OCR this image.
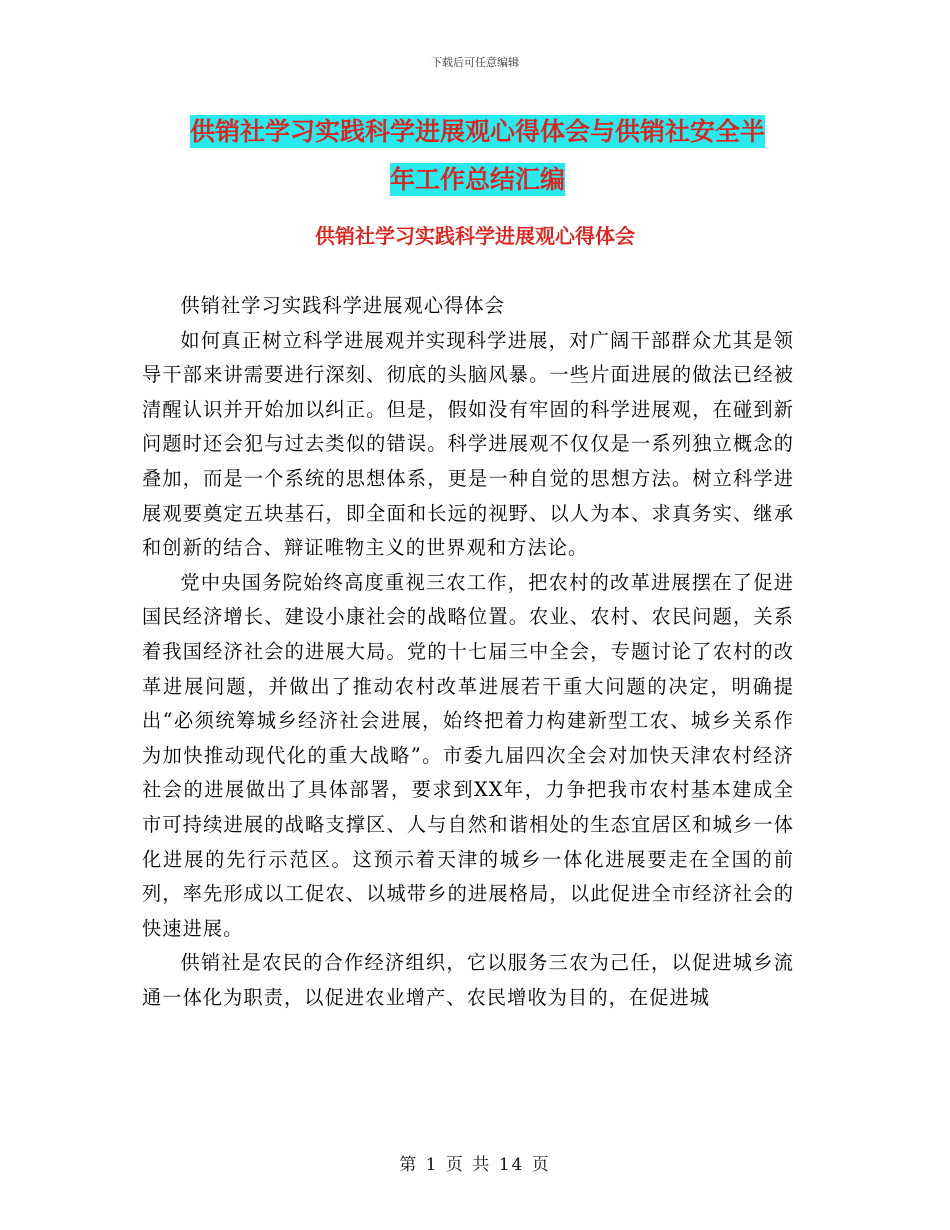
下载后可任意编辑
供销社学习实践科学进展观心得体会与供销社安全半
年工作总结汇编
供销社学习实践科学进展观心得体会

供销社学习实践科学进展观心得体会

如何真正树立科学进展观并实现科学进展，对广阔干部群众尤其是领导干部来讲需要进行深刻、彻底的头脑风暴。一些片面进展的做法已经被清醒认识并开始加以纠正。但是，假如没有牢固的科学进展观，在碰到新问题时还会犯与过去类似的错误。科学进展观不仅仅是一系列独立概念的叠加，而是一个系统的思想体系，更是一种自觉的思想方法。树立科学进展观要奠定五块基石，即全面和长远的视野、以人为本、求真务实、继承和创新的结合、辩证唯物主义的世界观和方法论。

党中央国务院始终高度重视三农工作，把农村的改革进展摆在了促进国民经济增长、建设小康社会的战略位置。农业、农村、农民问题，关系着我国经济社会的进展大局。党的十七届三中全会，专题讨论了农村的改革进展问题，并做出了推动农村改革进展若干重大问题的决定，明确提出“必须统筹城乡经济社会进展，始终把着力构建新型工农、城乡关系作为加快推动现代化的重大战略”。市委九届四次全会对加快天津农村经济社会的进展做出了具体部署，要求到XX年，力争把我市农村基本建成全市可持续进展的战略支撑区、人与自然和谐相处的生态宜居区和城乡一体化进展的先行示范区。这预示着天津的城乡一体化进展要走在全国的前列，率先形成以工促农、以城带乡的进展格局，以此促进全市经济社会的快速进展。

供销社是农民的合作经济组织，它以服务三农为己任，以促进城乡流通一体化为职责，以促进农业增产、农民增收为目的，在促进城

第 1 页 共 14 页
